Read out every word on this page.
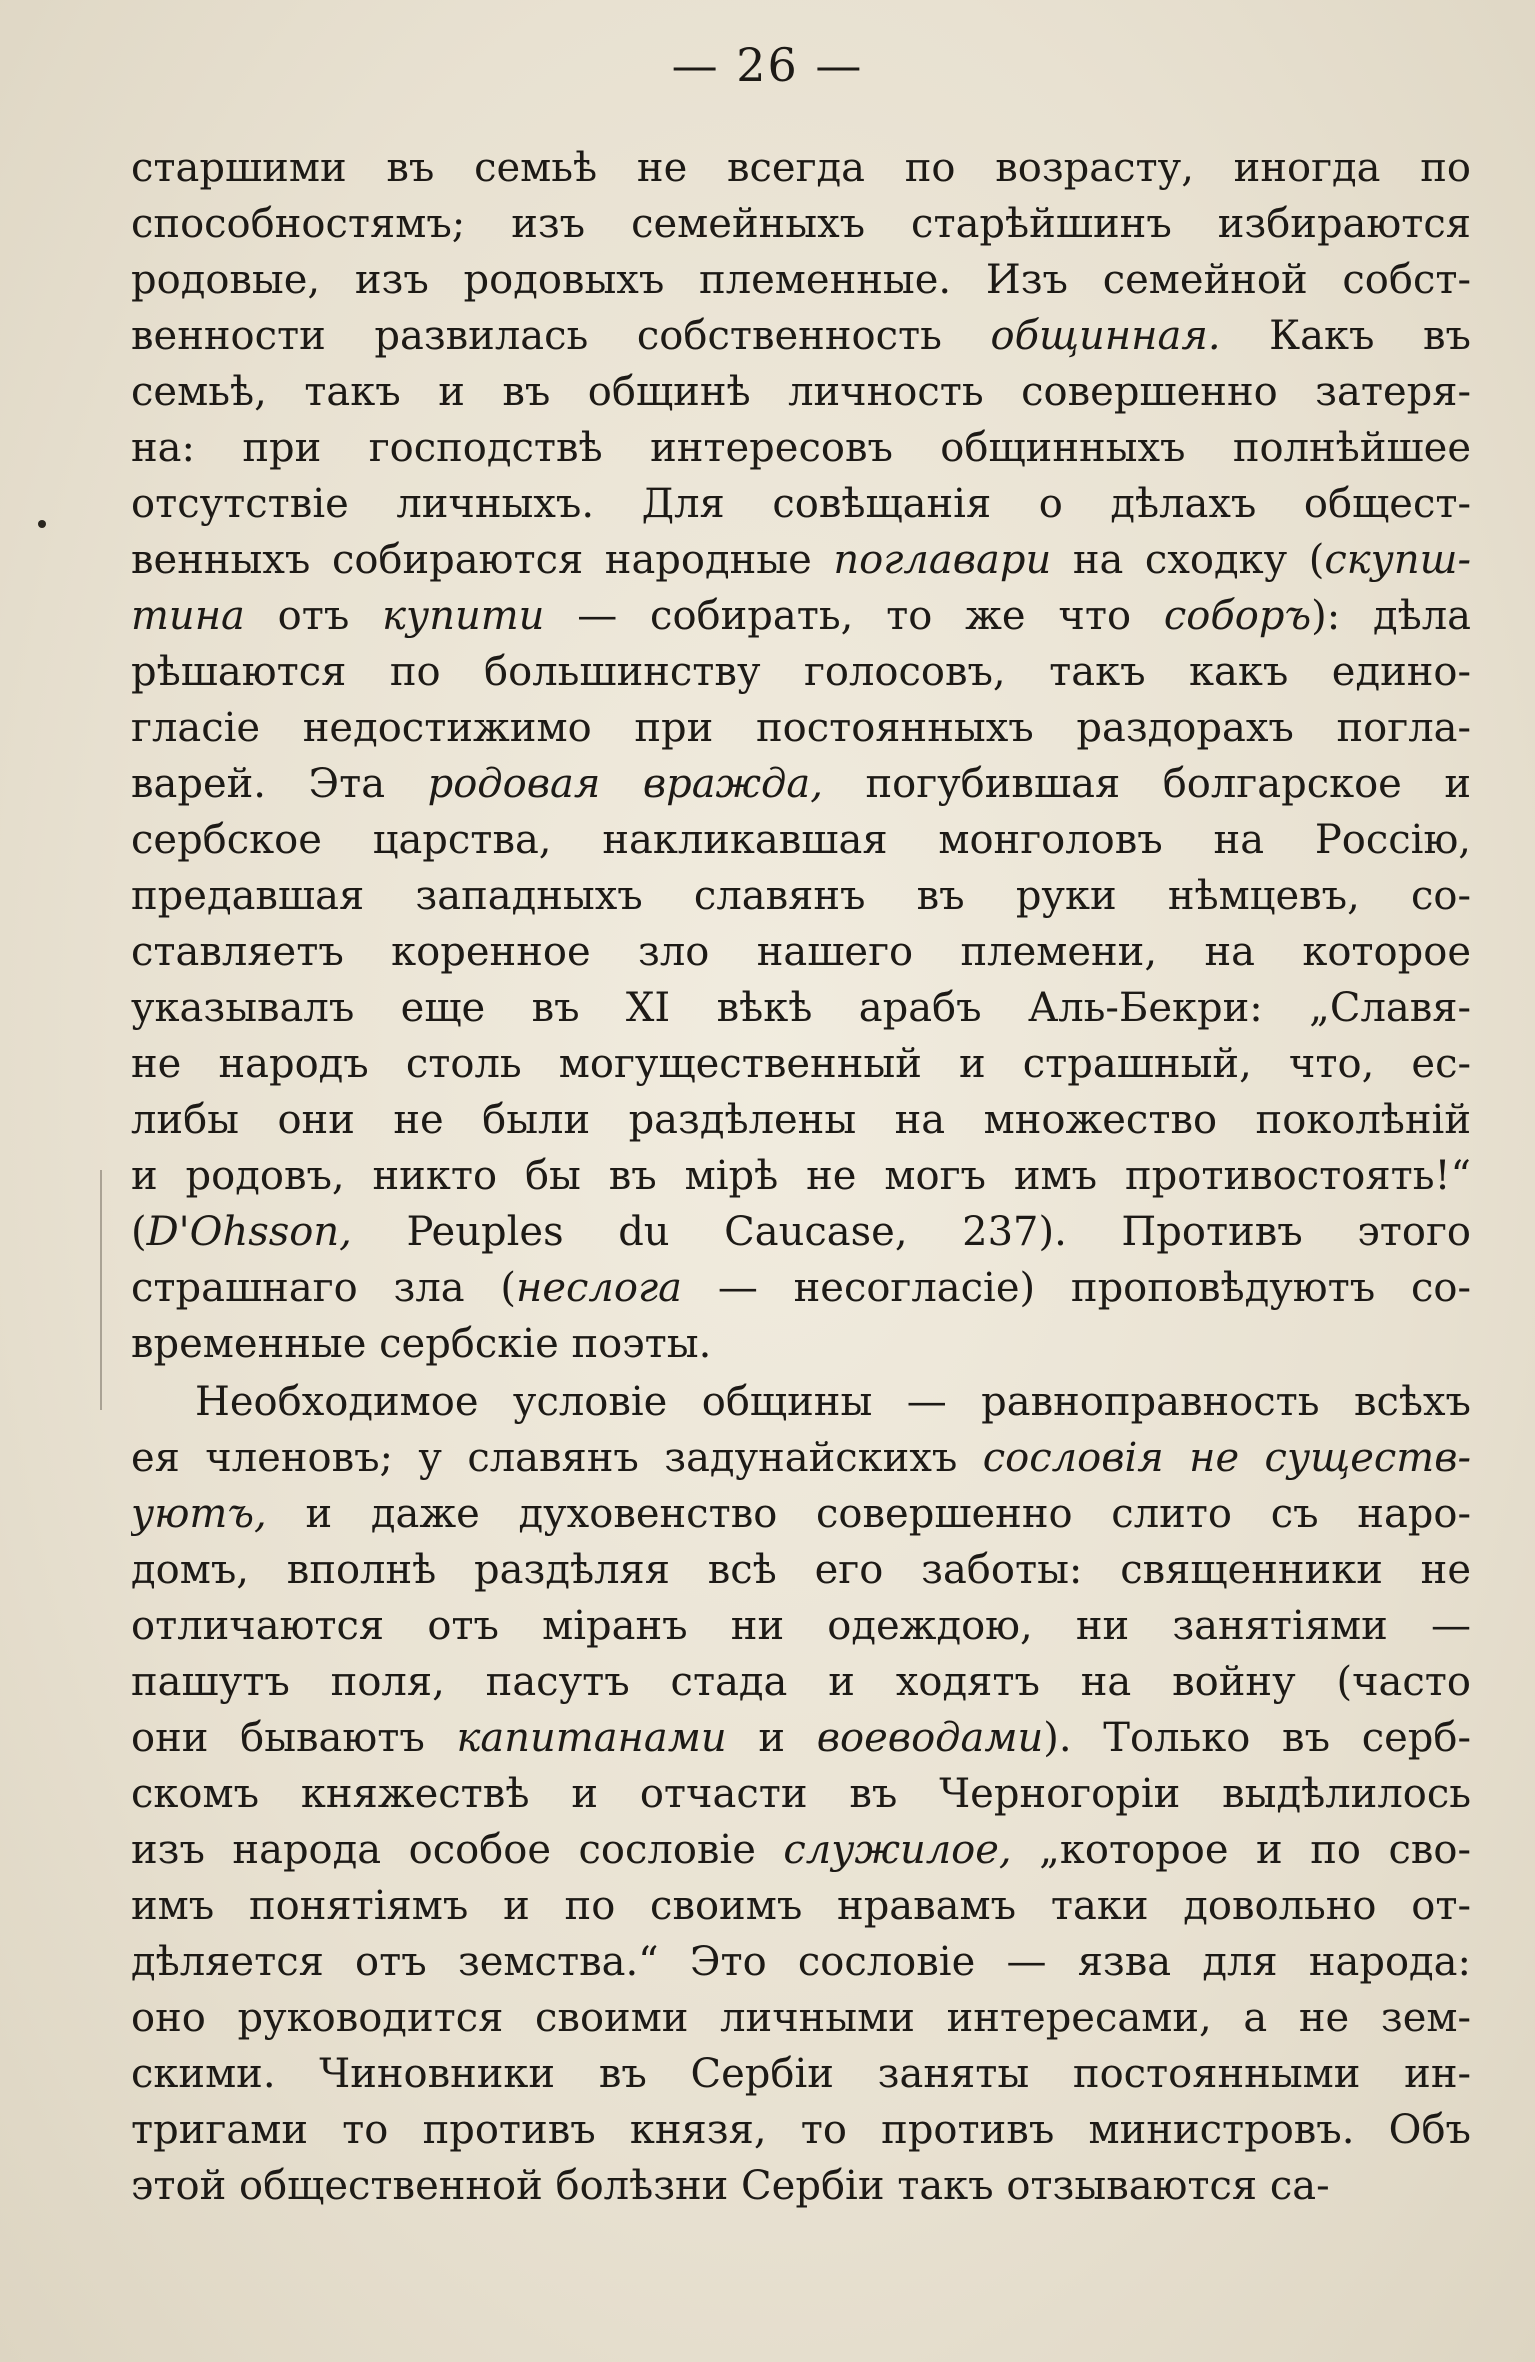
— 26 —
старшими въ семьѣ не всегда по возрасту, иногда по
способностямъ; изъ семейныхъ старѣйшинъ избираются
родовые, изъ родовыхъ племенные. Изъ семейной собст-
венности развилась собственность общинная. Какъ въ
семьѣ, такъ и въ общинѣ личность совершенно затеря-
на: при господствѣ интересовъ общинныхъ полнѣйшее
отсутствіе личныхъ. Для совѣщанія о дѣлахъ общест-
венныхъ собираются народные поглавари на сходку (скупш-
тина отъ купити — собирать, то же что соборъ): дѣла
рѣшаются по большинству голосовъ, такъ какъ едино-
гласіе недостижимо при постоянныхъ раздорахъ погла-
варей. Эта родовая вражда, погубившая болгарское и
сербское царства, накликавшая монголовъ на Россію,
предавшая западныхъ славянъ въ руки нѣмцевъ, со-
ставляетъ коренное зло нашего племени, на которое
указывалъ еще въ XI вѣкѣ арабъ Аль-Бекри: „Славя-
не народъ столь могущественный и страшный, что, ес-
либы они не были раздѣлены на множество поколѣній
и родовъ, никто бы въ мірѣ не могъ имъ противостоять!“
(D'Ohsson, Peuples du Caucase, 237). Противъ этого
страшнаго зла (неслога — несогласіе) проповѣдуютъ со-
временные сербскіе поэты.
Необходимое условіе общины — равноправность всѣхъ
ея членовъ; у славянъ задунайскихъ сословія не существ-
уютъ, и даже духовенство совершенно слито съ наро-
домъ, вполнѣ раздѣляя всѣ его заботы: священники не
отличаются отъ міранъ ни одеждою, ни занятіями —
пашутъ поля, пасутъ стада и ходятъ на войну (часто
они бываютъ капитанами и воеводами). Только въ серб-
скомъ княжествѣ и отчасти въ Черногоріи выдѣлилось
изъ народа особое сословіе служилое, „которое и по сво-
имъ понятіямъ и по своимъ нравамъ таки довольно от-
дѣляется отъ земства.“ Это сословіе — язва для народа:
оно руководится своими личными интересами, а не зем-
скими. Чиновники въ Сербіи заняты постоянными ин-
тригами то противъ князя, то противъ министровъ. Объ
этой общественной болѣзни Сербіи такъ отзываются са-
